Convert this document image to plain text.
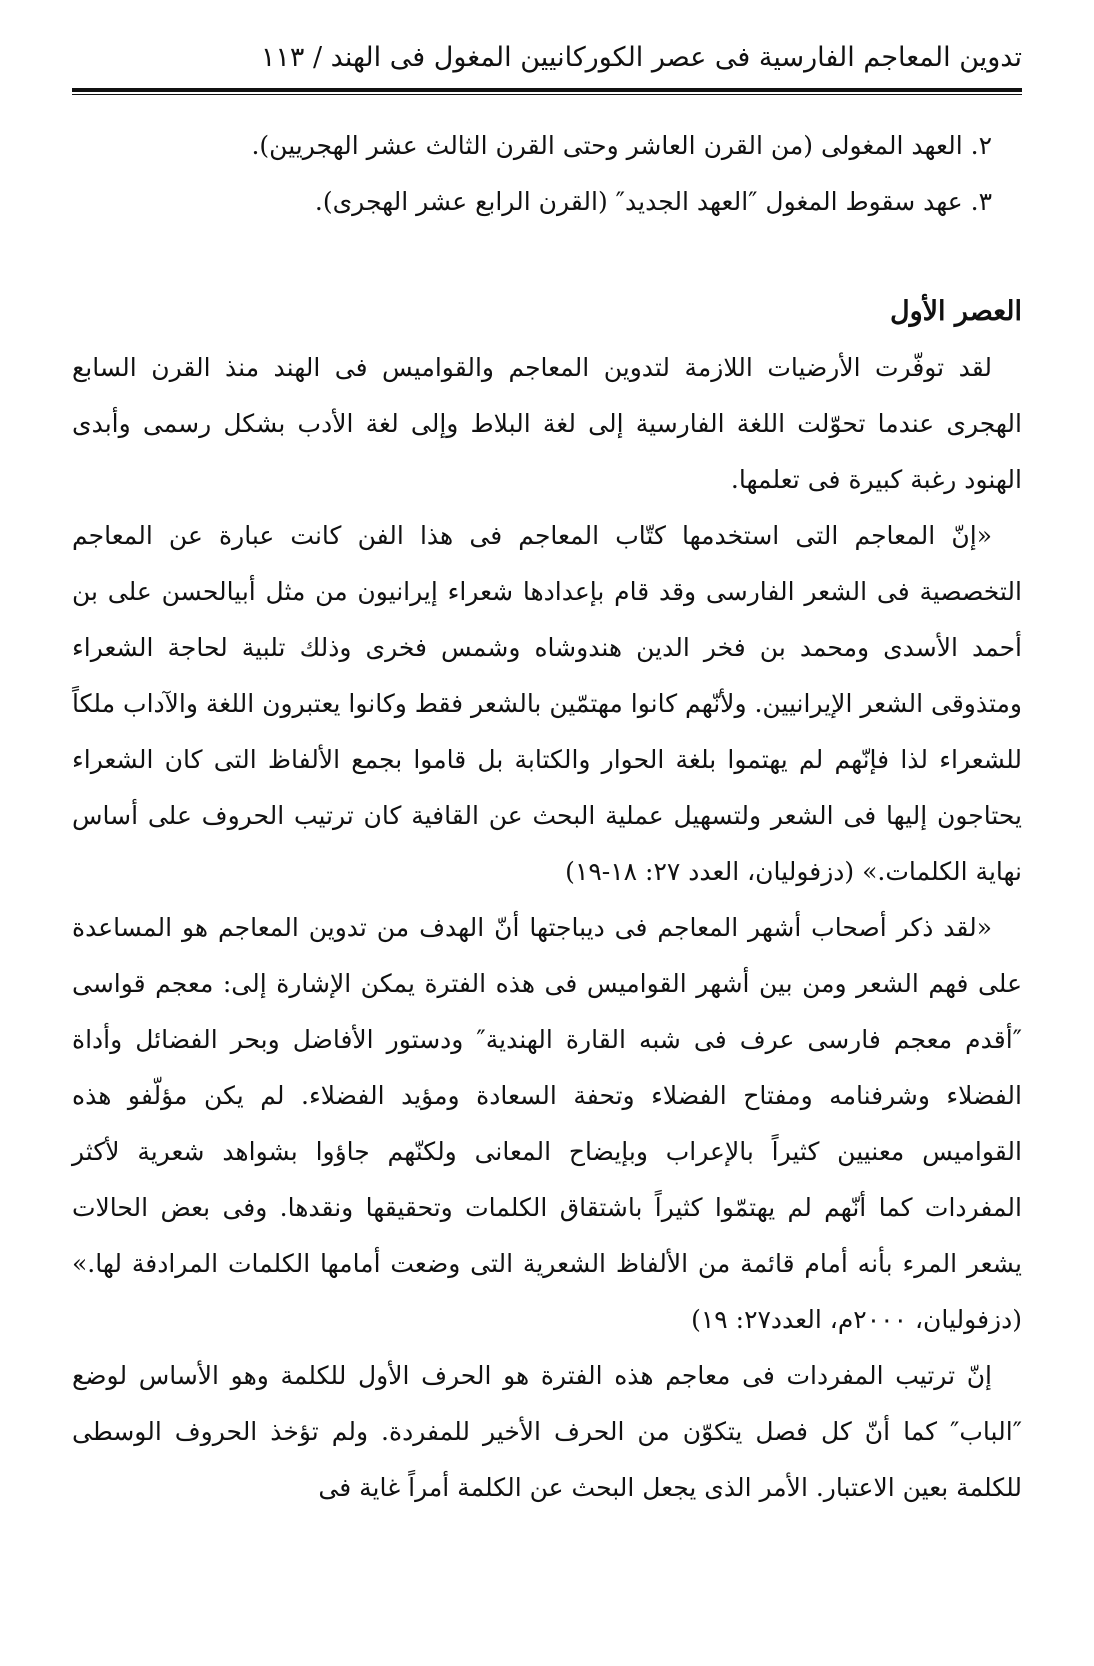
تدوين المعاجم الفارسية فى عصر الكوركانيين المغول فى الهند / ١١٣
٢. العهد المغولى (من القرن العاشر وحتى القرن الثالث عشر الهجريين).
٣. عهد سقوط المغول ″العهد الجديد″ (القرن الرابع عشر الهجرى).
العصر الأول

لقد توفّرت الأرضيات اللازمة لتدوين المعاجم والقواميس فى الهند منذ القرن السابع الهجرى عندما تحوّلت اللغة الفارسية إلى لغة البلاط وإلى لغة الأدب بشكل رسمى وأبدى الهنود رغبة كبيرة فى تعلمها.

«إنّ المعاجم التى استخدمها كتّاب المعاجم فى هذا الفن كانت عبارة عن المعاجم التخصصية فى الشعر الفارسى وقد قام بإعدادها شعراء إيرانيون من مثل أبيالحسن على بن أحمد الأسدى ومحمد بن فخر الدين هندوشاه وشمس فخرى وذلك تلبية لحاجة الشعراء ومتذوقى الشعر الإيرانيين. ولأنّهم كانوا مهتمّين بالشعر فقط وكانوا يعتبرون اللغة والآداب ملكاً للشعراء لذا فإنّهم لم يهتموا بلغة الحوار والكتابة بل قاموا بجمع الألفاظ التى كان الشعراء يحتاجون إليها فى الشعر ولتسهيل عملية البحث عن القافية كان ترتيب الحروف على أساس نهاية الكلمات.» (دزفوليان، العدد ٢٧: ١٨-١٩)

«لقد ذكر أصحاب أشهر المعاجم فى ديباجتها أنّ الهدف من تدوين المعاجم هو المساعدة على فهم الشعر ومن بين أشهر القواميس فى هذه الفترة يمكن الإشارة إلى: معجم قواسى ″أقدم معجم فارسى عرف فى شبه القارة الهندية″ ودستور الأفاضل وبحر الفضائل وأداة الفضلاء وشرفنامه ومفتاح الفضلاء وتحفة السعادة ومؤيد الفضلاء. لم يكن مؤلّفو هذه القواميس معنيين كثيراً بالإعراب وبإيضاح المعانى ولكنّهم جاؤوا بشواهد شعرية لأكثر المفردات كما أنّهم لم يهتمّوا كثيراً باشتقاق الكلمات وتحقيقها ونقدها. وفى بعض الحالات يشعر المرء بأنه أمام قائمة من الألفاظ الشعرية التى وضعت أمامها الكلمات المرادفة لها.» (دزفوليان، ٢٠٠٠م، العدد٢٧: ١٩)

إنّ ترتيب المفردات فى معاجم هذه الفترة هو الحرف الأول للكلمة وهو الأساس لوضع ″الباب″ كما أنّ كل فصل يتكوّن من الحرف الأخير للمفردة. ولم تؤخذ الحروف الوسطى للكلمة بعين الاعتبار. الأمر الذى يجعل البحث عن الكلمة أمراً غاية فى
